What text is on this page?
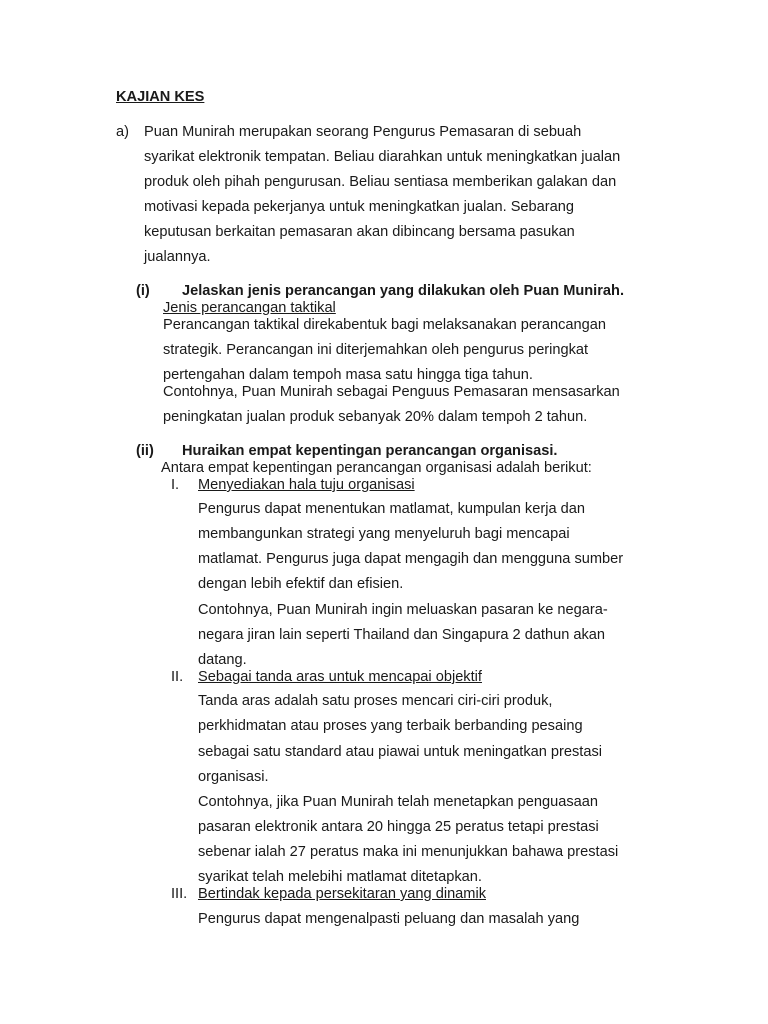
KAJIAN KES
a) Puan Munirah merupakan seorang Pengurus Pemasaran di sebuah
syarikat elektronik tempatan. Beliau diarahkan untuk meningkatkan jualan
produk oleh pihah pengurusan. Beliau sentiasa memberikan galakan dan
motivasi kepada pekerjanya untuk meningkatkan jualan. Sebarang
keputusan berkaitan pemasaran akan dibincang bersama pasukan
jualannya.
(i) Jelaskan jenis perancangan yang dilakukan oleh Puan Munirah.
Jenis perancangan taktikal
Perancangan taktikal direkabentuk bagi melaksanakan perancangan
strategik. Perancangan ini diterjemahkan oleh pengurus peringkat
pertengahan dalam tempoh masa satu hingga tiga tahun.
Contohnya, Puan Munirah sebagai Penguus Pemasaran mensasarkan
peningkatan jualan produk sebanyak 20% dalam tempoh 2 tahun.
(ii) Huraikan empat kepentingan perancangan organisasi.
Antara empat kepentingan perancangan organisasi adalah berikut:
I. Menyediakan hala tuju organisasi
Pengurus dapat menentukan matlamat, kumpulan kerja dan
membangunkan strategi yang menyeluruh bagi mencapai
matlamat. Pengurus juga dapat mengagih dan mengguna sumber
dengan lebih efektif dan efisien.
Contohnya, Puan Munirah ingin meluaskan pasaran ke negara-
negara jiran lain seperti Thailand dan Singapura 2 dathun akan
datang.
II. Sebagai tanda aras untuk mencapai objektif
Tanda aras adalah satu proses mencari ciri-ciri produk,
perkhidmatan atau proses yang terbaik berbanding pesaing
sebagai satu standard atau piawai untuk meningatkan prestasi
organisasi.
Contohnya, jika Puan Munirah telah menetapkan penguasaan
pasaran elektronik antara 20 hingga 25 peratus tetapi prestasi
sebenar ialah 27 peratus maka ini menunjukkan bahawa prestasi
syarikat telah melebihi matlamat ditetapkan.
III. Bertindak kepada persekitaran yang dinamik
Pengurus dapat mengenalpasti peluang dan masalah yang
